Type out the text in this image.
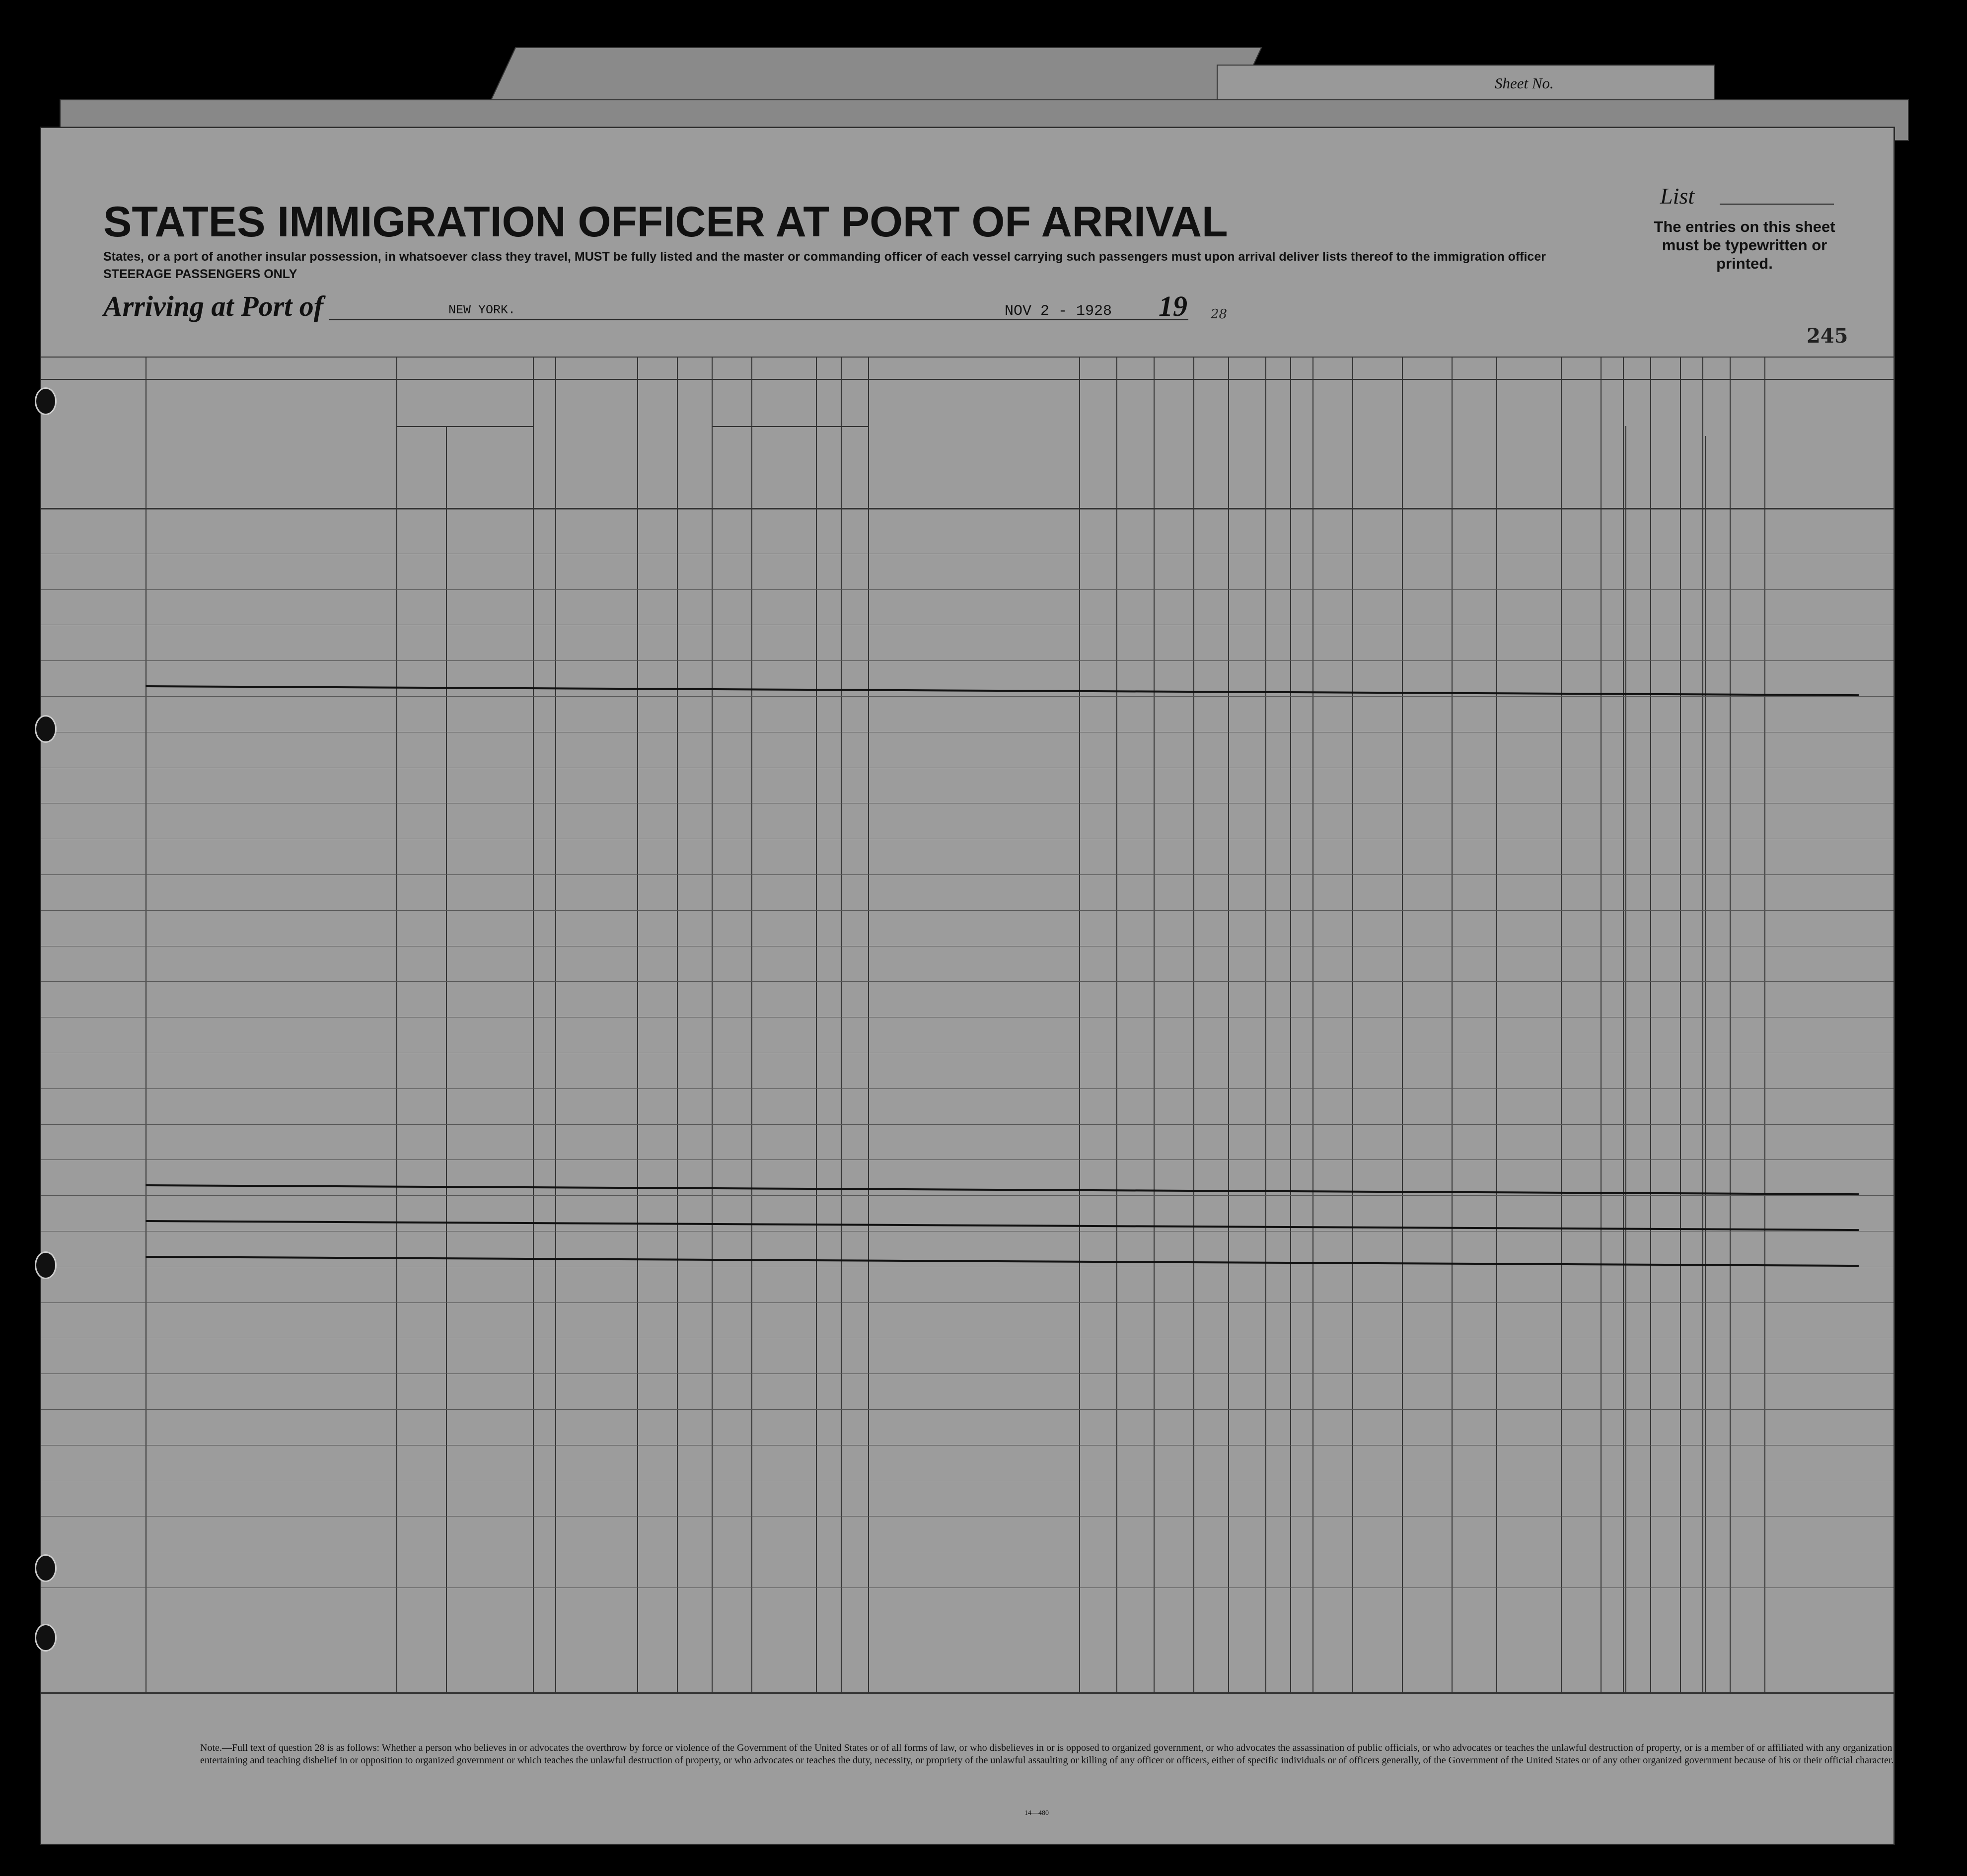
Sheet No.
STATES IMMIGRATION OFFICER AT PORT OF ARRIVAL
List
The entries on this sheet must be typewritten or printed.
States, or a port of another insular possession, in whatsoever class they travel, MUST be fully listed and the master or commanding officer of each vessel carrying such passengers must upon arrival deliver lists thereof to the immigration officer
STEERAGE PASSENGERS ONLY
Arriving at Port of	NEW YORK.	NOV 2 - 1928 19 28
245
Note.—Full text of question 28 is as follows: Whether a person who believes in or advocates the overthrow by force or violence of the Government of the United States or of all forms of law, or who disbelieves in or is opposed to organized government, or who advocates the assassination of public officials, or who advocates or teaches the unlawful destruction of property, or is a member of or affiliated with any organization entertaining and teaching disbelief in or opposition to organized government or which teaches the unlawful destruction of property, or who advocates or teaches the duty, necessity, or propriety of the unlawful assaulting or killing of any officer or officers, either of specific individuals or of officers generally, of the Government of the United States or of any other organized government because of his or their official character.
14—480
